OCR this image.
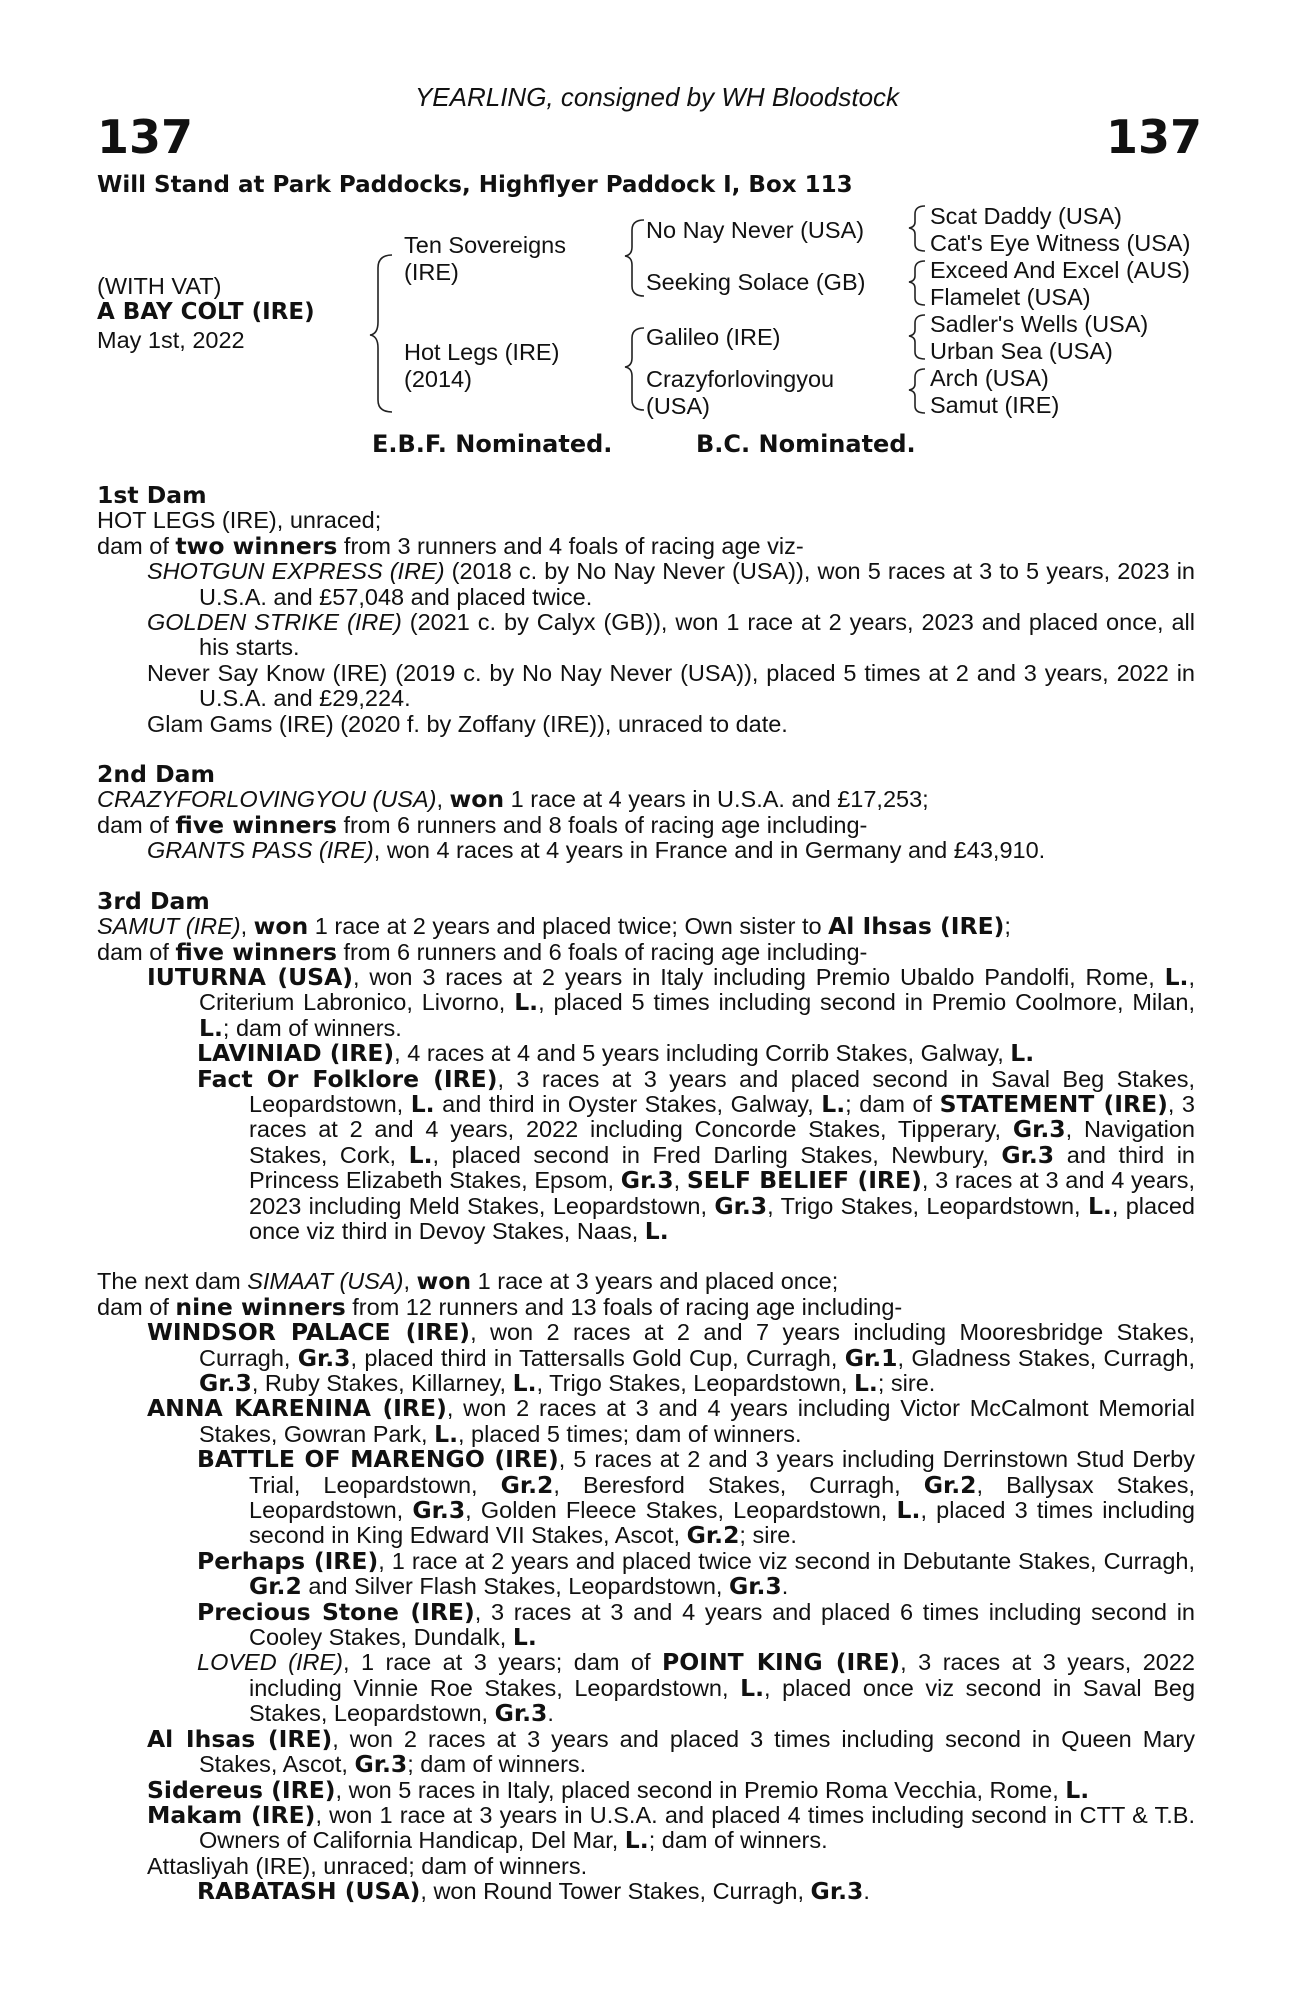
YEARLING, consigned by WH Bloodstock
137	137
Will Stand at Park Paddocks, Highflyer Paddock I, Box 113
(WITH VAT)
A BAY COLT (IRE)
May 1st, 2022
Ten Sovereigns
(IRE)
Hot Legs (IRE)
(2014)
No Nay Never (USA)
Seeking Solace (GB)
Galileo (IRE)
Crazyforlovingyou
(USA)
Scat Daddy (USA)
Cat's Eye Witness (USA)
Exceed And Excel (AUS)
Flamelet (USA)
Sadler's Wells (USA)
Urban Sea (USA)
Arch (USA)
Samut (IRE)
E.B.F. Nominated.	B.C. Nominated.
1st Dam
HOT LEGS (IRE), unraced;
dam of two winners from 3 runners and 4 foals of racing age viz-
SHOTGUN EXPRESS (IRE) (2018 c. by No Nay Never (USA)), won 5 races at 3 to 5 years, 2023 in U.S.A. and £57,048 and placed twice.
GOLDEN STRIKE (IRE) (2021 c. by Calyx (GB)), won 1 race at 2 years, 2023 and placed once, all his starts.
Never Say Know (IRE) (2019 c. by No Nay Never (USA)), placed 5 times at 2 and 3 years, 2022 in U.S.A. and £29,224.
Glam Gams (IRE) (2020 f. by Zoffany (IRE)), unraced to date.
2nd Dam
CRAZYFORLOVINGYOU (USA), won 1 race at 4 years in U.S.A. and £17,253;
dam of five winners from 6 runners and 8 foals of racing age including-
GRANTS PASS (IRE), won 4 races at 4 years in France and in Germany and £43,910.
3rd Dam
SAMUT (IRE), won 1 race at 2 years and placed twice; Own sister to Al Ihsas (IRE);
dam of five winners from 6 runners and 6 foals of racing age including-
IUTURNA (USA), won 3 races at 2 years in Italy including Premio Ubaldo Pandolfi, Rome, L., Criterium Labronico, Livorno, L., placed 5 times including second in Premio Coolmore, Milan, L.; dam of winners.
LAVINIAD (IRE), 4 races at 4 and 5 years including Corrib Stakes, Galway, L.
Fact Or Folklore (IRE), 3 races at 3 years and placed second in Saval Beg Stakes, Leopardstown, L. and third in Oyster Stakes, Galway, L.; dam of STATEMENT (IRE), 3 races at 2 and 4 years, 2022 including Concorde Stakes, Tipperary, Gr.3, Navigation Stakes, Cork, L., placed second in Fred Darling Stakes, Newbury, Gr.3 and third in Princess Elizabeth Stakes, Epsom, Gr.3, SELF BELIEF (IRE), 3 races at 3 and 4 years, 2023 including Meld Stakes, Leopardstown, Gr.3, Trigo Stakes, Leopardstown, L., placed once viz third in Devoy Stakes, Naas, L.
The next dam SIMAAT (USA), won 1 race at 3 years and placed once;
dam of nine winners from 12 runners and 13 foals of racing age including-
WINDSOR PALACE (IRE), won 2 races at 2 and 7 years including Mooresbridge Stakes, Curragh, Gr.3, placed third in Tattersalls Gold Cup, Curragh, Gr.1, Gladness Stakes, Curragh, Gr.3, Ruby Stakes, Killarney, L., Trigo Stakes, Leopardstown, L.; sire.
ANNA KARENINA (IRE), won 2 races at 3 and 4 years including Victor McCalmont Memorial Stakes, Gowran Park, L., placed 5 times; dam of winners.
BATTLE OF MARENGO (IRE), 5 races at 2 and 3 years including Derrinstown Stud Derby Trial, Leopardstown, Gr.2, Beresford Stakes, Curragh, Gr.2, Ballysax Stakes, Leopardstown, Gr.3, Golden Fleece Stakes, Leopardstown, L., placed 3 times including second in King Edward VII Stakes, Ascot, Gr.2; sire.
Perhaps (IRE), 1 race at 2 years and placed twice viz second in Debutante Stakes, Curragh, Gr.2 and Silver Flash Stakes, Leopardstown, Gr.3.
Precious Stone (IRE), 3 races at 3 and 4 years and placed 6 times including second in Cooley Stakes, Dundalk, L.
LOVED (IRE), 1 race at 3 years; dam of POINT KING (IRE), 3 races at 3 years, 2022 including Vinnie Roe Stakes, Leopardstown, L., placed once viz second in Saval Beg Stakes, Leopardstown, Gr.3.
Al Ihsas (IRE), won 2 races at 3 years and placed 3 times including second in Queen Mary Stakes, Ascot, Gr.3; dam of winners.
Sidereus (IRE), won 5 races in Italy, placed second in Premio Roma Vecchia, Rome, L.
Makam (IRE), won 1 race at 3 years in U.S.A. and placed 4 times including second in CTT & T.B. Owners of California Handicap, Del Mar, L.; dam of winners.
Attasliyah (IRE), unraced; dam of winners.
RABATASH (USA), won Round Tower Stakes, Curragh, Gr.3.
